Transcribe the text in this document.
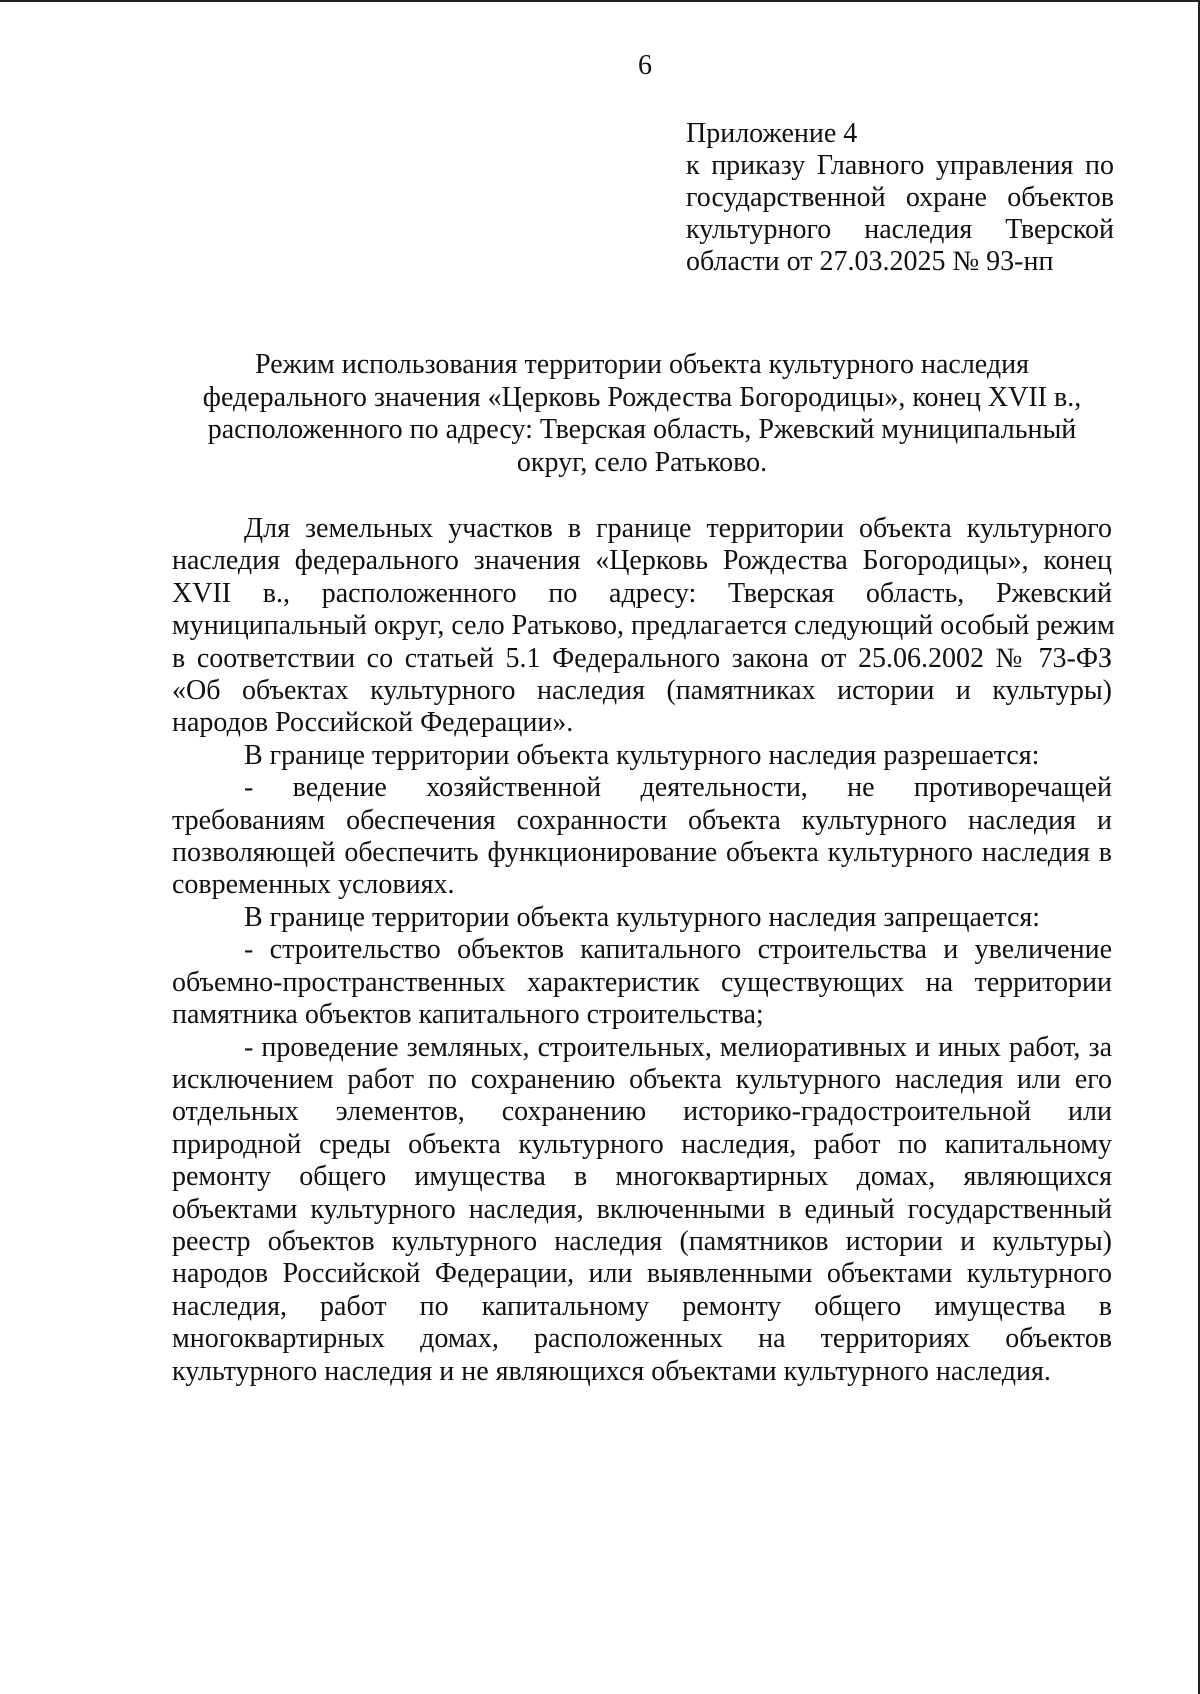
6
Приложение 4
к приказу Главного управления по
государственной охране объектов
культурного наследия Тверской
области от 27.03.2025 № 93-нп
Режим использования территории объекта культурного наследия
федерального значения «Церковь Рождества Богородицы», конец XVII в.,
расположенного по адресу: Тверская область, Ржевский муниципальный
округ, село Ратьково.
Для земельных участков в границе территории объекта культурного
наследия федерального значения «Церковь Рождества Богородицы», конец
XVII в., расположенного по адресу: Тверская область, Ржевский
муниципальный округ, село Ратьково, предлагается следующий особый режим
в соответствии со статьей 5.1 Федерального закона от 25.06.2002 № 73-ФЗ
«Об объектах культурного наследия (памятниках истории и культуры)
народов Российской Федерации».
В границе территории объекта культурного наследия разрешается:
- ведение хозяйственной деятельности, не противоречащей
требованиям обеспечения сохранности объекта культурного наследия и
позволяющей обеспечить функционирование объекта культурного наследия в
современных условиях.
В границе территории объекта культурного наследия запрещается:
- строительство объектов капитального строительства и увеличение
объемно-пространственных характеристик существующих на территории
памятника объектов капитального строительства;
- проведение земляных, строительных, мелиоративных и иных работ, за
исключением работ по сохранению объекта культурного наследия или его
отдельных элементов, сохранению историко-градостроительной или
природной среды объекта культурного наследия, работ по капитальному
ремонту общего имущества в многоквартирных домах, являющихся
объектами культурного наследия, включенными в единый государственный
реестр объектов культурного наследия (памятников истории и культуры)
народов Российской Федерации, или выявленными объектами культурного
наследия, работ по капитальному ремонту общего имущества в
многоквартирных домах, расположенных на территориях объектов
культурного наследия и не являющихся объектами культурного наследия.
